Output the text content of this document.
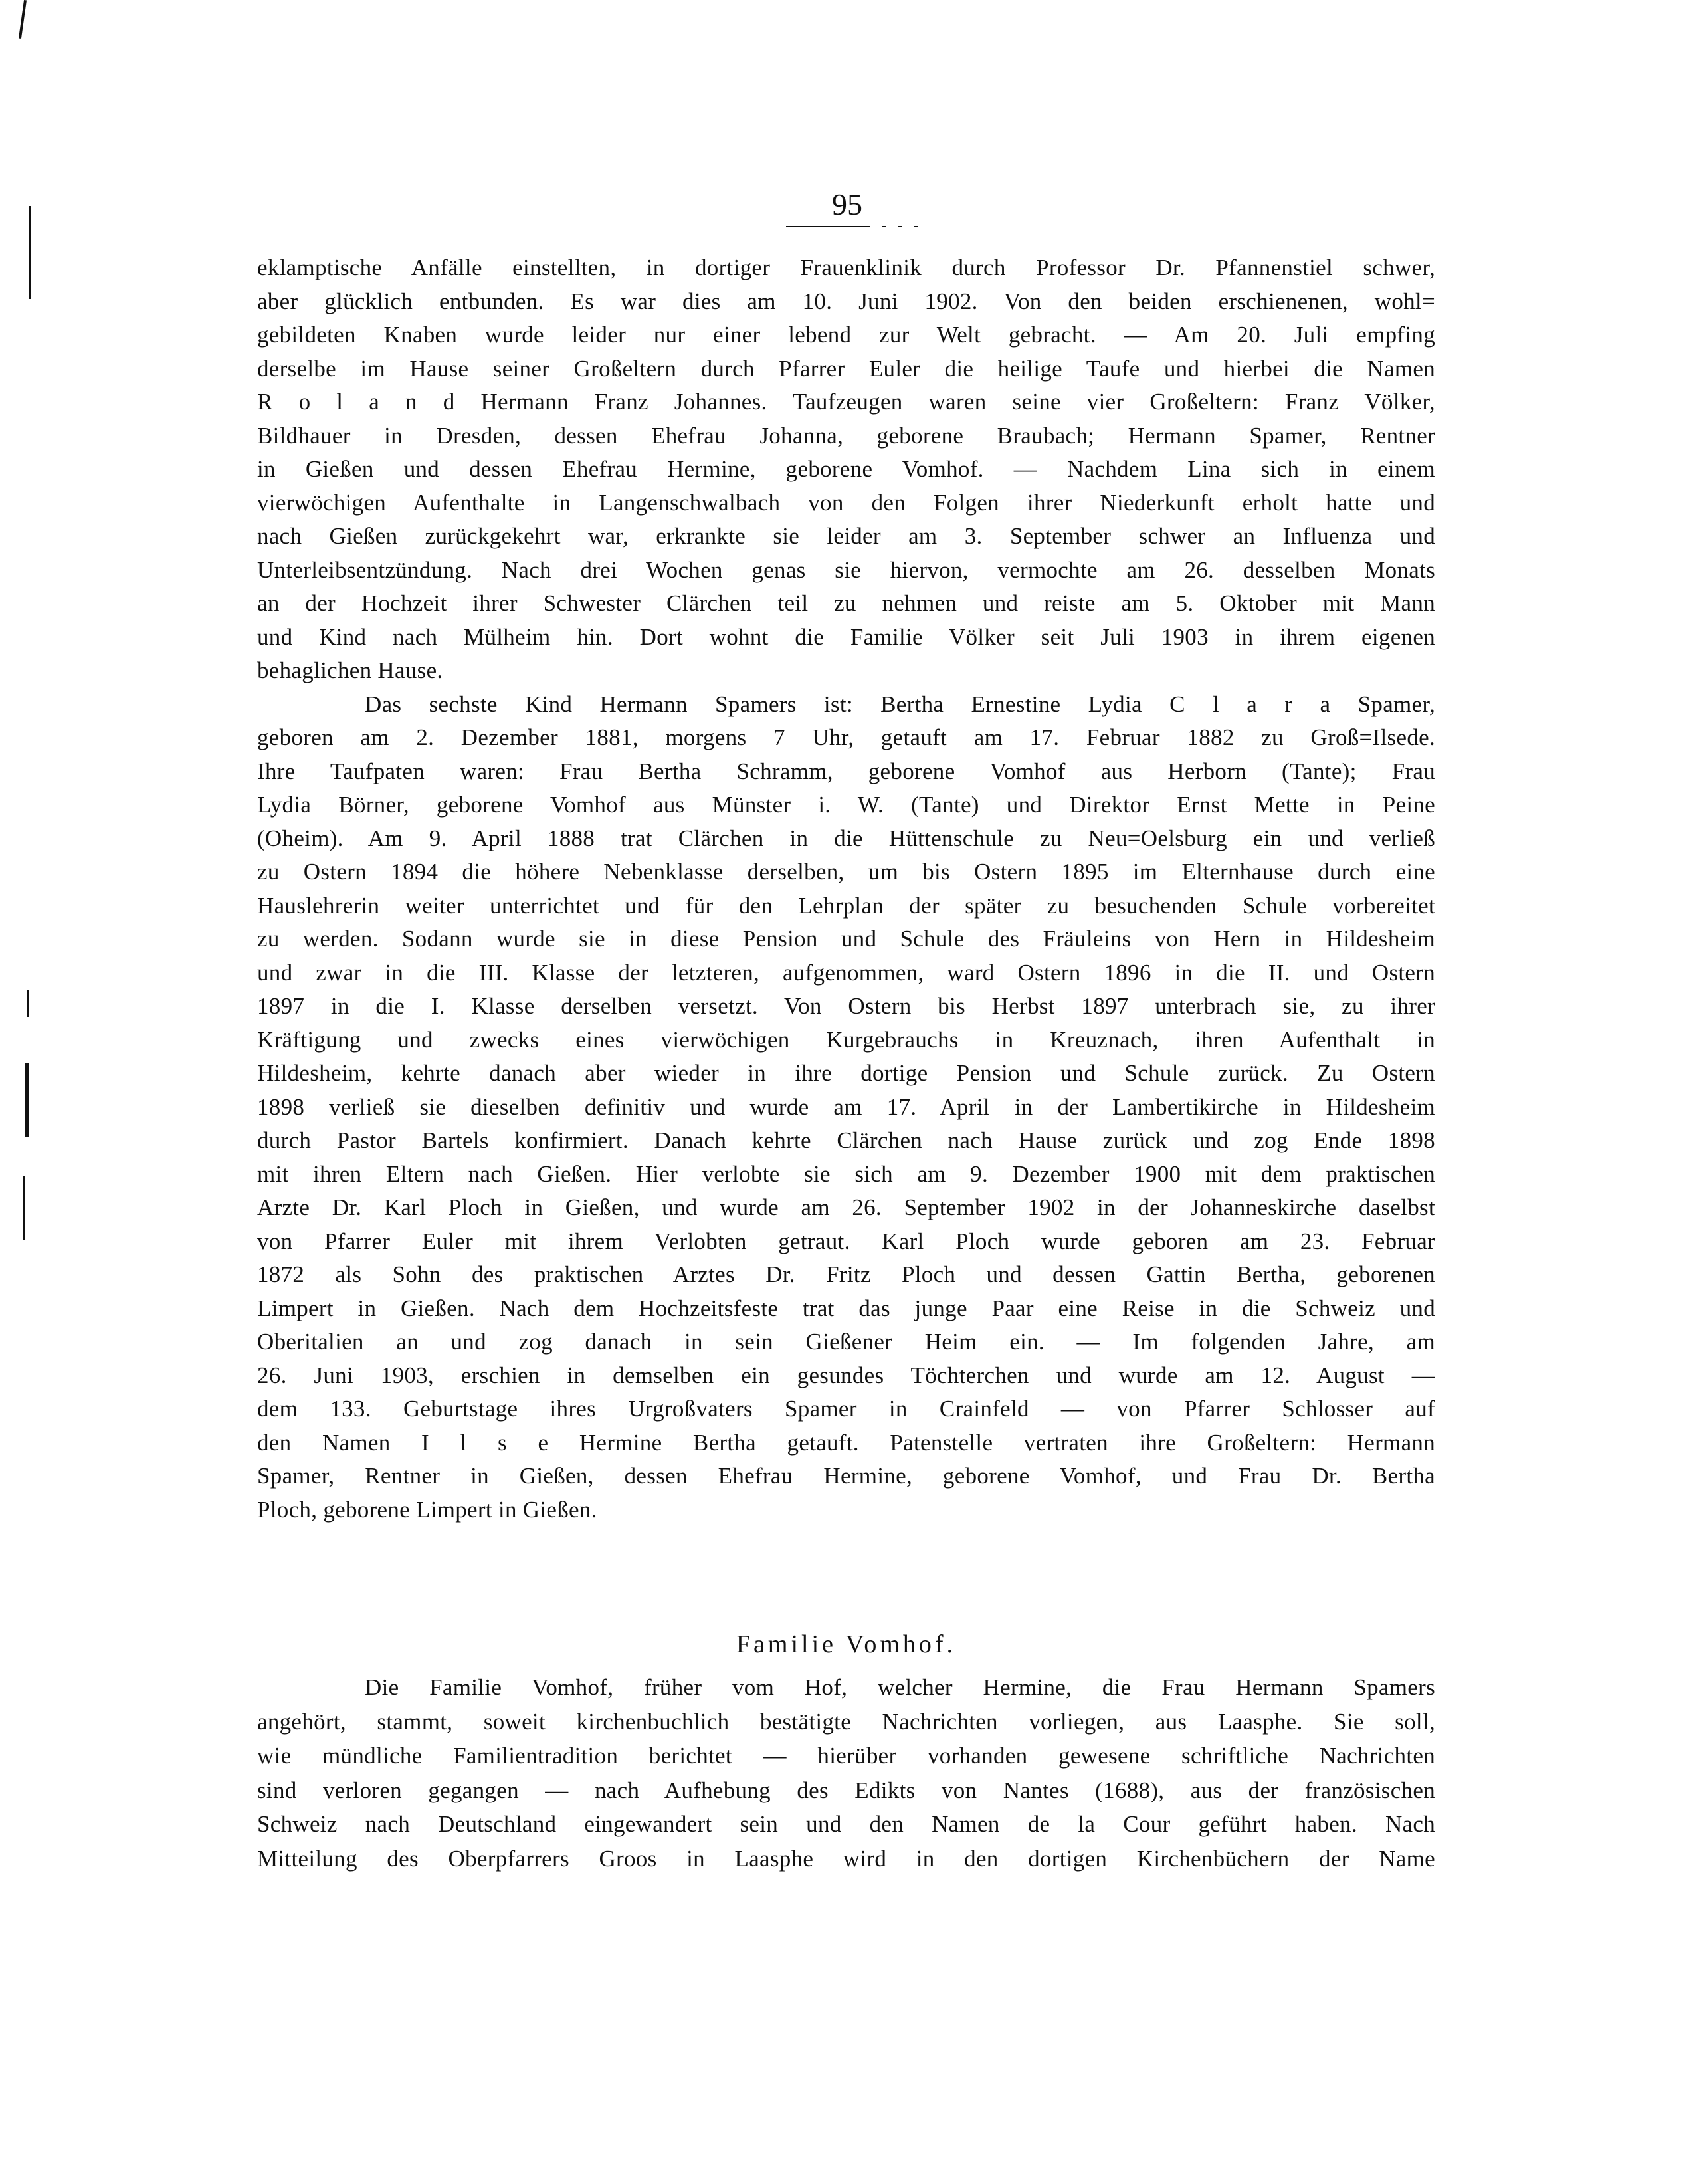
95

eklamptische Anfälle einstellten, in dortiger Frauenklinik durch Professor Dr. Pfannenstiel schwer,
aber glücklich entbunden. Es war dies am 10. Juni 1902. Von den beiden erschienenen, wohl=
gebildeten Knaben wurde leider nur einer lebend zur Welt gebracht. — Am 20. Juli empfing
derselbe im Hause seiner Großeltern durch Pfarrer Euler die heilige Taufe und hierbei die Namen
R o l a n d Hermann Franz Johannes. Taufzeugen waren seine vier Großeltern: Franz Völker,
Bildhauer in Dresden, dessen Ehefrau Johanna, geborene Braubach; Hermann Spamer, Rentner
in Gießen und dessen Ehefrau Hermine, geborene Vomhof. — Nachdem Lina sich in einem
vierwöchigen Aufenthalte in Langenschwalbach von den Folgen ihrer Niederkunft erholt hatte und
nach Gießen zurückgekehrt war, erkrankte sie leider am 3. September schwer an Influenza und
Unterleibsentzündung. Nach drei Wochen genas sie hiervon, vermochte am 26. desselben Monats
an der Hochzeit ihrer Schwester Clärchen teil zu nehmen und reiste am 5. Oktober mit Mann
und Kind nach Mülheim hin. Dort wohnt die Familie Völker seit Juli 1903 in ihrem eigenen
behaglichen Hause.

Das sechste Kind Hermann Spamers ist: Bertha Ernestine Lydia C l a r a Spamer,
geboren am 2. Dezember 1881, morgens 7 Uhr, getauft am 17. Februar 1882 zu Groß=Ilsede.
Ihre Taufpaten waren: Frau Bertha Schramm, geborene Vomhof aus Herborn (Tante); Frau
Lydia Börner, geborene Vomhof aus Münster i. W. (Tante) und Direktor Ernst Mette in Peine
(Oheim). Am 9. April 1888 trat Clärchen in die Hüttenschule zu Neu=Oelsburg ein und verließ
zu Ostern 1894 die höhere Nebenklasse derselben, um bis Ostern 1895 im Elternhause durch eine
Hauslehrerin weiter unterrichtet und für den Lehrplan der später zu besuchenden Schule vorbereitet
zu werden. Sodann wurde sie in diese Pension und Schule des Fräuleins von Hern in Hildesheim
und zwar in die III. Klasse der letzteren, aufgenommen, ward Ostern 1896 in die II. und Ostern
1897 in die I. Klasse derselben versetzt. Von Ostern bis Herbst 1897 unterbrach sie, zu ihrer
Kräftigung und zwecks eines vierwöchigen Kurgebrauchs in Kreuznach, ihren Aufenthalt in
Hildesheim, kehrte danach aber wieder in ihre dortige Pension und Schule zurück. Zu Ostern
1898 verließ sie dieselben definitiv und wurde am 17. April in der Lambertikirche in Hildesheim
durch Pastor Bartels konfirmiert. Danach kehrte Clärchen nach Hause zurück und zog Ende 1898
mit ihren Eltern nach Gießen. Hier verlobte sie sich am 9. Dezember 1900 mit dem praktischen
Arzte Dr. Karl Ploch in Gießen, und wurde am 26. September 1902 in der Johanneskirche daselbst
von Pfarrer Euler mit ihrem Verlobten getraut. Karl Ploch wurde geboren am 23. Februar
1872 als Sohn des praktischen Arztes Dr. Fritz Ploch und dessen Gattin Bertha, geborenen
Limpert in Gießen. Nach dem Hochzeitsfeste trat das junge Paar eine Reise in die Schweiz und
Oberitalien an und zog danach in sein Gießener Heim ein. — Im folgenden Jahre, am
26. Juni 1903, erschien in demselben ein gesundes Töchterchen und wurde am 12. August —
dem 133. Geburtstage ihres Urgroßvaters Spamer in Crainfeld — von Pfarrer Schlosser auf
den Namen I l s e Hermine Bertha getauft. Patenstelle vertraten ihre Großeltern: Hermann
Spamer, Rentner in Gießen, dessen Ehefrau Hermine, geborene Vomhof, und Frau Dr. Bertha
Ploch, geborene Limpert in Gießen.

Familie Vomhof.

Die Familie Vomhof, früher vom Hof, welcher Hermine, die Frau Hermann Spamers
angehört, stammt, soweit kirchenbuchlich bestätigte Nachrichten vorliegen, aus Laasphe. Sie soll,
wie mündliche Familientradition berichtet — hierüber vorhanden gewesene schriftliche Nachrichten
sind verloren gegangen — nach Aufhebung des Edikts von Nantes (1688), aus der französischen
Schweiz nach Deutschland eingewandert sein und den Namen de la Cour geführt haben. Nach
Mitteilung des Oberpfarrers Groos in Laasphe wird in den dortigen Kirchenbüchern der Name
